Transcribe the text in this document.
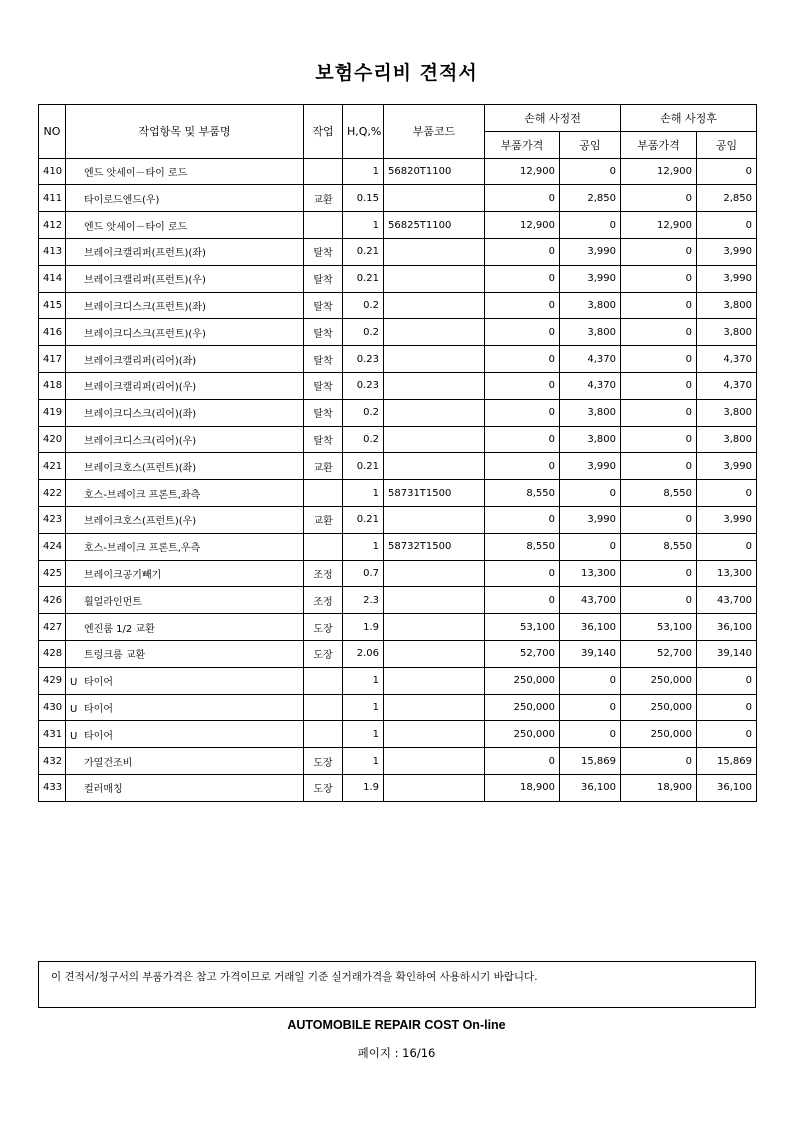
보험수리비 견적서
NO	작업항목 및 부품명	작업	H,Q,%	부품코드	손해 사정전		손해 사정후	
					부품가격	공임	부품가격	공임
410	엔드 앗세이－타이 로드		1	56820T1100	12,900	0	12,900	0
411	타이로드엔드(우)	교환	0.15		0	2,850	0	2,850
412	엔드 앗세이－타이 로드		1	56825T1100	12,900	0	12,900	0
413	브레이크캘리퍼(프런트)(좌)	탈착	0.21		0	3,990	0	3,990
414	브레이크캘리퍼(프런트)(우)	탈착	0.21		0	3,990	0	3,990
415	브레이크디스크(프런트)(좌)	탈착	0.2		0	3,800	0	3,800
416	브레이크디스크(프런트)(우)	탈착	0.2		0	3,800	0	3,800
417	브레이크캘리퍼(리어)(좌)	탈착	0.23		0	4,370	0	4,370
418	브레이크캘리퍼(리어)(우)	탈착	0.23		0	4,370	0	4,370
419	브레이크디스크(리어)(좌)	탈착	0.2		0	3,800	0	3,800
420	브레이크디스크(리어)(우)	탈착	0.2		0	3,800	0	3,800
421	브레이크호스(프런트)(좌)	교환	0.21		0	3,990	0	3,990
422	호스-브레이크 프론트,좌측		1	58731T1500	8,550	0	8,550	0
423	브레이크호스(프런트)(우)	교환	0.21		0	3,990	0	3,990
424	호스-브레이크 프론트,우측		1	58732T1500	8,550	0	8,550	0
425	브레이크공기빼기	조정	0.7		0	13,300	0	13,300
426	휠얼라인먼트	조정	2.3		0	43,700	0	43,700
427	엔진룸 1/2 교환	도장	1.9		53,100	36,100	53,100	36,100
428	트렁크룸 교환	도장	2.06		52,700	39,140	52,700	39,140
429	U 타이어		1		250,000	0	250,000	0
430	U 타이어		1		250,000	0	250,000	0
431	U 타이어		1		250,000	0	250,000	0
432	가열건조비	도장	1		0	15,869	0	15,869
433	컬러매칭	도장	1.9		18,900	36,100	18,900	36,100
이 견적서/청구서의 부품가격은 참고 가격이므로 거래일 기준 실거래가격을 확인하여 사용하시기 바랍니다.
AUTOMOBILE REPAIR COST On-line
페이지 : 16/16
